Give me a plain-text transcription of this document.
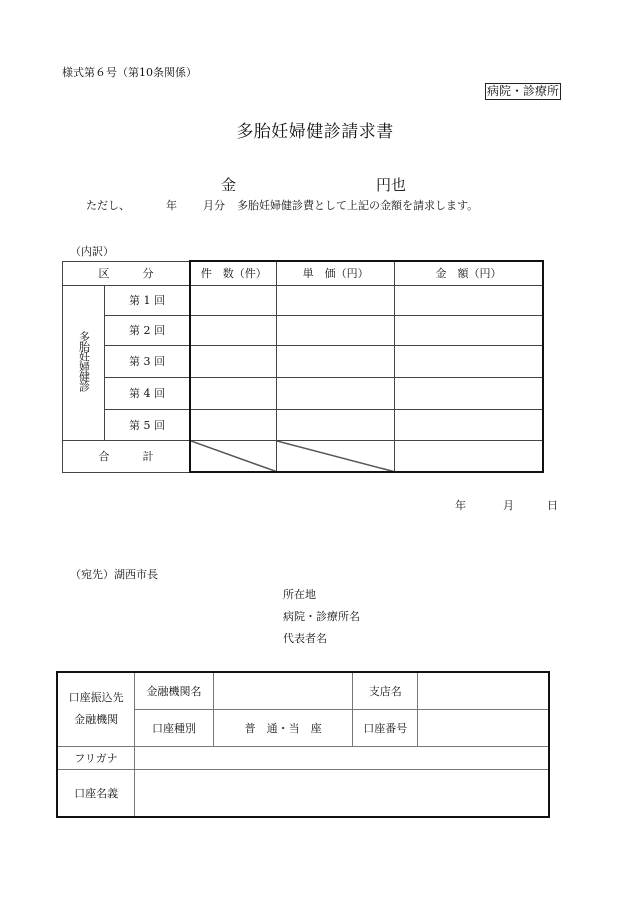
様式第６号（第10条関係）
病院・診療所
多胎妊婦健診請求書
金	円也
ただし、	年 月分 多胎妊婦健診費として上記の金額を請求します。
（内訳）
区　　　分		件　数（件）	単　価（円）	金　額（円）
多胎妊婦健診	第 1 回			
	第 2 回			
	第 3 回			
	第 4 回			
	第 5 回			
合　　　計	

年	月	日
（宛先）湖西市長
所在地
病院・診療所名
代表者名
口座振込先
金融機関	金融機関名		支店名	
	口座種別	普　通・当　座	口座番号	
フリガナ				
口座名義				
